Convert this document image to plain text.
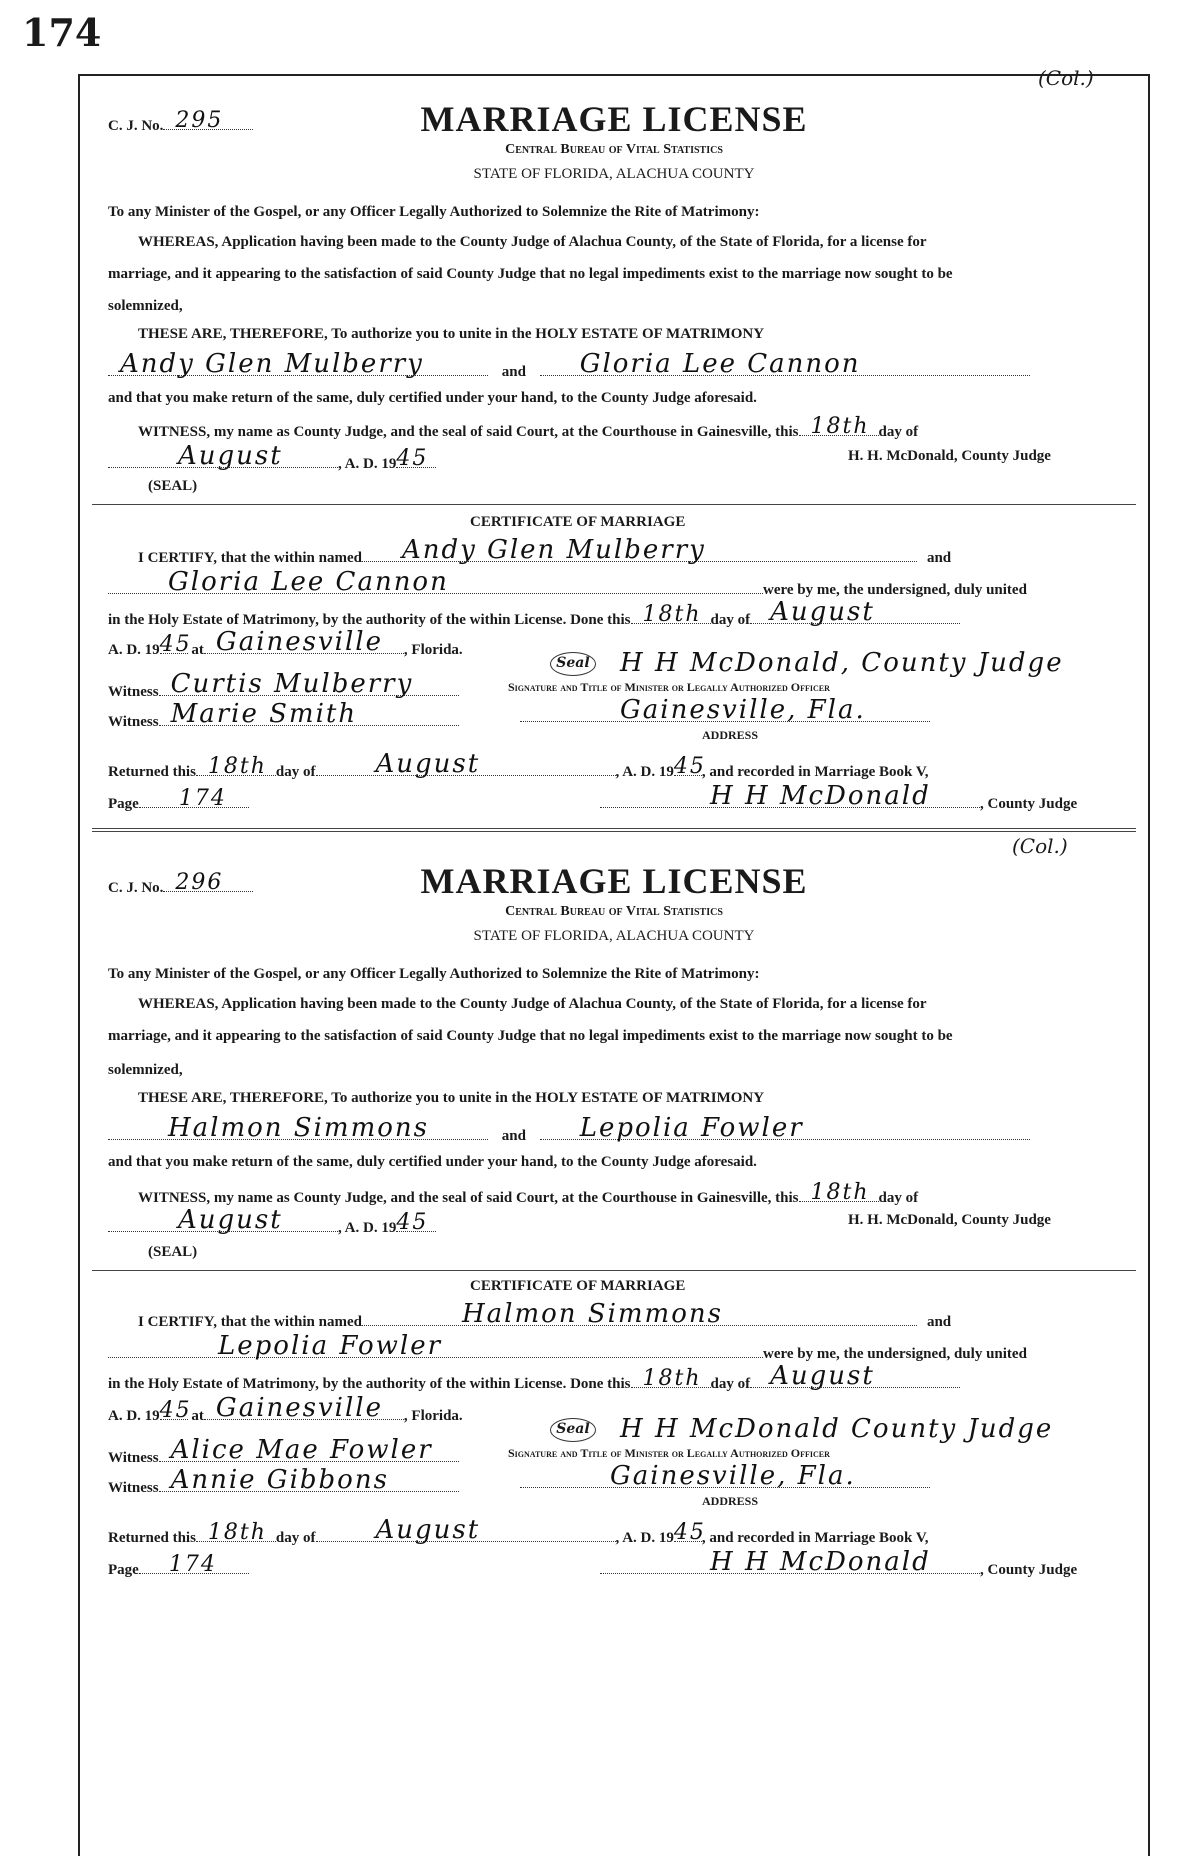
174
(Col.)
C. J. No. 295	MARRIAGE LICENSE
Central Bureau of Vital Statistics
STATE OF FLORIDA, ALACHUA COUNTY
To any Minister of the Gospel, or any Officer Legally Authorized to Solemnize the Rite of Matrimony:
WHEREAS, Application having been made to the County Judge of Alachua County, of the State of Florida, for a license for
marriage, and it appearing to the satisfaction of said County Judge that no legal impediments exist to the marriage now sought to be
solemnized,
THESE ARE, THEREFORE, To authorize you to unite in the HOLY ESTATE OF MATRIMONY
Andy Glen Mulberry	and Gloria Lee Cannon
and that you make return of the same, duly certified under your hand, to the County Judge aforesaid.
WITNESS, my name as County Judge, and the seal of said Court, at the Courthouse in Gainesville, this 18th day of
August	, A. D. 19 45	H. H. McDonald, County Judge
(SEAL)
CERTIFICATE OF MARRIAGE
I CERTIFY, that the within named Andy Glen Mulberry	and
Gloria Lee Cannon	were by me, the undersigned, duly united
in the Holy Estate of Matrimony, by the authority of the within License. Done this 18th day of August
A. D. 19 45 at Gainesville , Florida.
Witness Curtis Mulberry
Seal H H McDonald, County Judge
Signature and Title of Minister or Legally Authorized Officer
Witness Marie Smith	Gainesville, Fla.
ADDRESS
Returned this 18th day of August	, A. D. 19 45
, and recorded in Marriage Book V,
Page 174	H H McDonald	, County Judge
(Col.)
C. J. No. 296	MARRIAGE LICENSE
Central Bureau of Vital Statistics
STATE OF FLORIDA, ALACHUA COUNTY
To any Minister of the Gospel, or any Officer Legally Authorized to Solemnize the Rite of Matrimony:
WHEREAS, Application having been made to the County Judge of Alachua County, of the State of Florida, for a license for
marriage, and it appearing to the satisfaction of said County Judge that no legal impediments exist to the marriage now sought to be
solemnized,
THESE ARE, THEREFORE, To authorize you to unite in the HOLY ESTATE OF MATRIMONY
Halmon Simmons	and Lepolia Fowler
and that you make return of the same, duly certified under your hand, to the County Judge aforesaid.
WITNESS, my name as County Judge, and the seal of said Court, at the Courthouse in Gainesville, this 18th day of
August	, A. D. 19 45	H. H. McDonald, County Judge
(SEAL)
CERTIFICATE OF MARRIAGE
I CERTIFY, that the within named	Halmon Simmons	and
Lepolia Fowler	were by me, the undersigned, duly united
in the Holy Estate of Matrimony, by the authority of the within License. Done this 18th day of August
A. D. 19 45 at Gainesville , Florida.
Witness Alice Mae Fowler
Seal H H McDonald County Judge
Signature and Title of Minister or Legally Authorized Officer
Witness Annie Gibbons	Gainesville, Fla.
ADDRESS
Returned this 18th day of August	, A. D. 19 45
, and recorded in Marriage Book V,
Page 174	H H McDonald	, County Judge
